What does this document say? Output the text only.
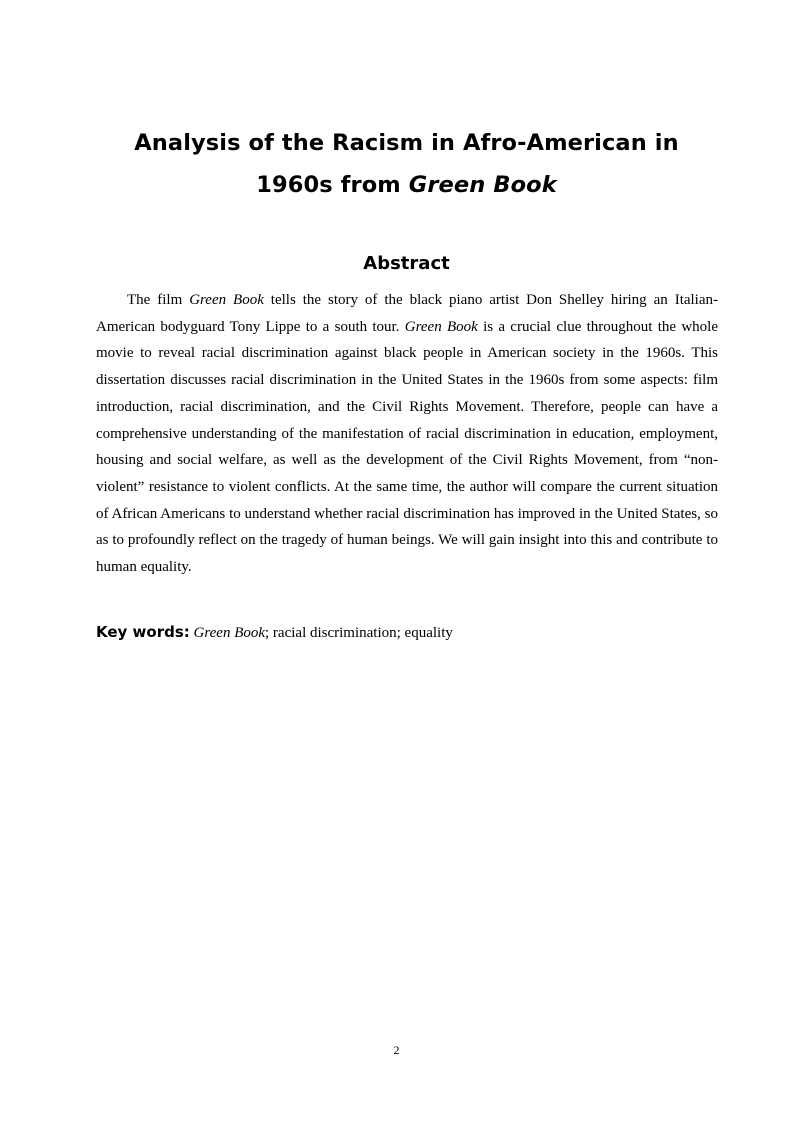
Analysis of the Racism in Afro-American in
1960s from Green Book
Abstract

The film Green Book tells the story of the black piano artist Don Shelley hiring an Italian-American bodyguard Tony Lippe to a south tour. Green Book is a crucial clue throughout the whole movie to reveal racial discrimination against black people in American society in the 1960s. This dissertation discusses racial discrimination in the United States in the 1960s from some aspects: film introduction, racial discrimination, and the Civil Rights Movement. Therefore, people can have a comprehensive understanding of the manifestation of racial discrimination in education, employment, housing and social welfare, as well as the development of the Civil Rights Movement, from “non-violent” resistance to violent conflicts. At the same time, the author will compare the current situation of African Americans to understand whether racial discrimination has improved in the United States, so as to profoundly reflect on the tragedy of human beings. We will gain insight into this and contribute to human equality.

Key words: Green Book; racial discrimination; equality

2
